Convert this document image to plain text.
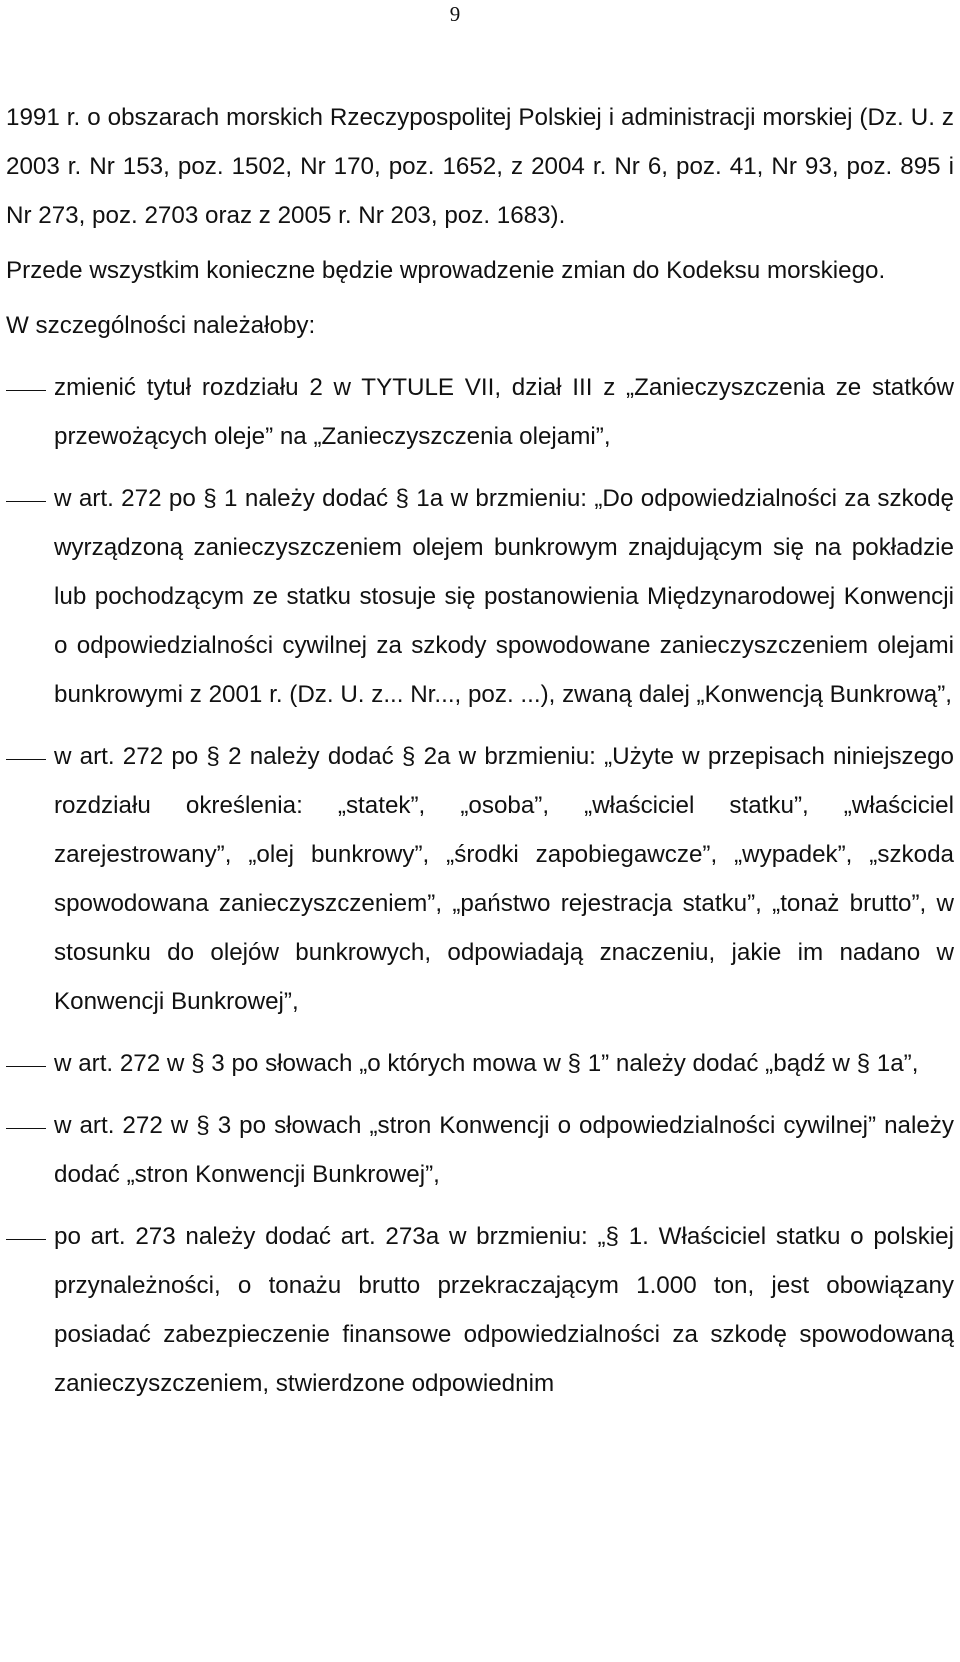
9
1991 r. o obszarach morskich Rzeczypospolitej Polskiej i administracji morskiej (Dz. U. z 2003 r. Nr 153, poz. 1502, Nr 170, poz. 1652, z 2004 r. Nr 6, poz. 41, Nr 93, poz. 895 i Nr 273, poz. 2703 oraz z 2005 r. Nr 203, poz. 1683).
Przede wszystkim konieczne będzie wprowadzenie zmian do Kodeksu morskiego.
W szczególności należałoby:
zmienić tytuł rozdziału 2 w TYTULE VII, dział III z „Zanieczyszczenia ze statków przewożących oleje” na „Zanieczyszczenia olejami”,
w art. 272 po § 1 należy dodać § 1a w brzmieniu: „Do odpowiedzialności za szkodę wyrządzoną zanieczyszczeniem olejem bunkrowym znajdującym się na pokładzie lub pochodzącym ze statku stosuje się postanowienia Międzynarodowej Konwencji o odpowiedzialności cywilnej za szkody spowodowane zanieczyszczeniem olejami bunkrowymi z 2001 r. (Dz. U. z... Nr..., poz. ...), zwaną dalej „Konwencją Bunkrową”,
w art. 272 po § 2 należy dodać § 2a w brzmieniu: „Użyte w przepisach niniejszego rozdziału określenia: „statek”, „osoba”, „właściciel statku”, „właściciel zarejestrowany”, „olej bunkrowy”, „środki zapobiegawcze”, „wypadek”, „szkoda spowodowana zanieczyszczeniem”, „państwo rejestracja statku”, „tonaż brutto”, w stosunku do olejów bunkrowych, odpowiadają znaczeniu, jakie im nadano w Konwencji Bunkrowej”,
w art. 272 w § 3 po słowach „o których mowa w § 1” należy dodać „bądź w § 1a”,
w art. 272 w § 3 po słowach „stron Konwencji o odpowiedzialności cywilnej” należy dodać „stron Konwencji Bunkrowej”,
po art. 273 należy dodać art. 273a w brzmieniu: „§ 1. Właściciel statku o polskiej przynależności, o tonażu brutto przekraczającym 1.000 ton, jest obowiązany posiadać zabezpieczenie finansowe odpowiedzialności za szkodę spowodowaną zanieczyszczeniem, stwierdzone odpowiednim
